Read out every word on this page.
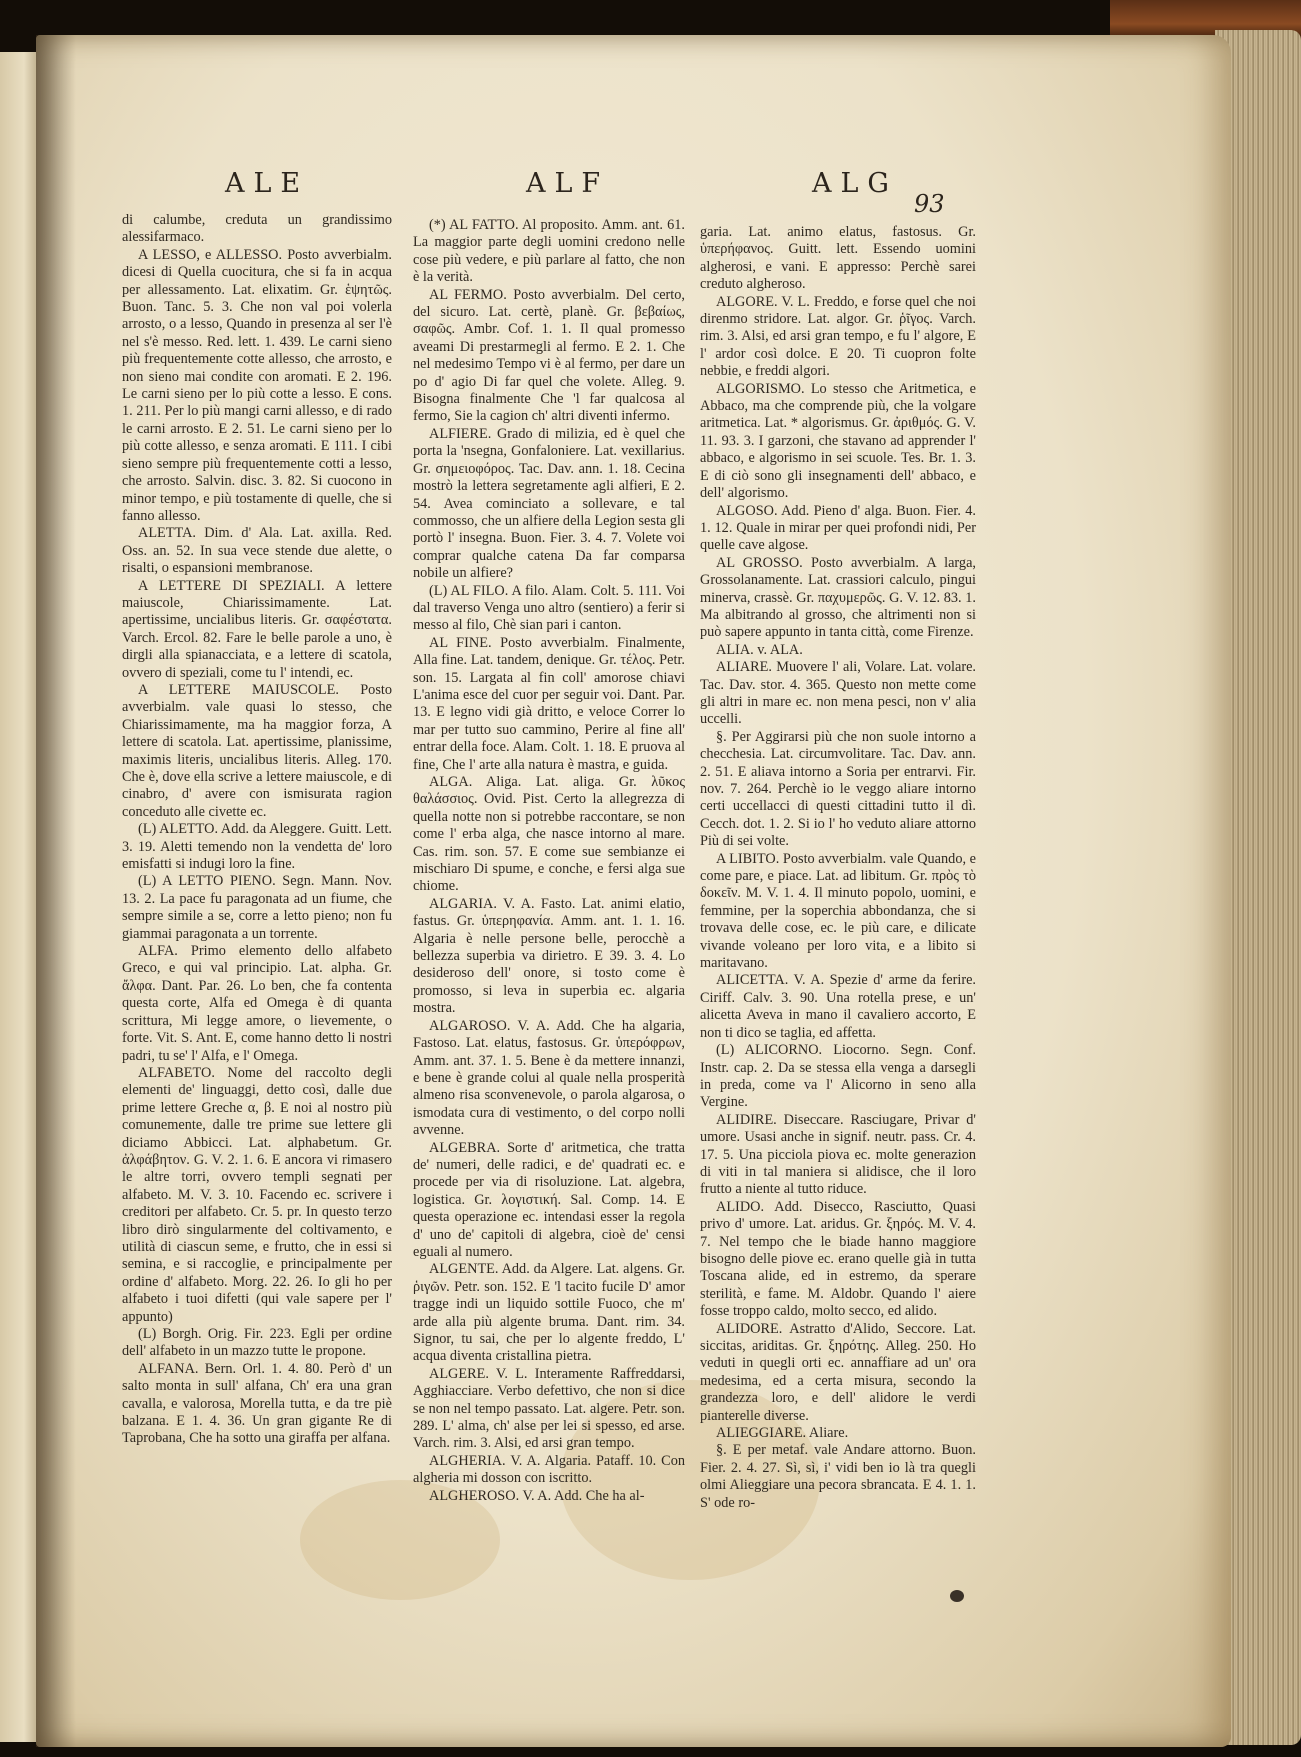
ALE	ALF	ALG
93

di calumbe, creduta un grandissimo alessifarmaco.

A LESSO, e ALLESSO. Posto avverbialm. dicesi di Quella cuocitura, che si fa in acqua per allessamento. Lat. elixatim. Gr. ἑψητῶς. Buon. Tanc. 5. 3. Che non val poi volerla arrosto, o a lesso, Quando in presenza al ser l'è nel s'è messo. Red. lett. 1. 439. Le carni sieno più frequentemente cotte allesso, che arrosto, e non sieno mai condite con aromati. E 2. 196. Le carni sieno per lo più cotte a lesso. E cons. 1. 211. Per lo più mangi carni allesso, e di rado le carni arrosto. E 2. 51. Le carni sieno per lo più cotte allesso, e senza aromati. E 111. I cibi sieno sempre più frequentemente cotti a lesso, che arrosto. Salvin. disc. 3. 82. Si cuocono in minor tempo, e più tostamente di quelle, che si fanno allesso.

ALETTA. Dim. d' Ala. Lat. axilla. Red. Oss. an. 52. In sua vece stende due alette, o risalti, o espansioni membranose.

A LETTERE DI SPEZIALI. A lettere maiuscole, Chiarissimamente. Lat. apertissime, uncialibus literis. Gr. σαφέστατα. Varch. Ercol. 82. Fare le belle parole a uno, è dirgli alla spianacciata, e a lettere di scatola, ovvero di speziali, come tu l' intendi, ec.

A LETTERE MAIUSCOLE. Posto avverbialm. vale quasi lo stesso, che Chiarissimamente, ma ha maggior forza, A lettere di scatola. Lat. apertissime, planissime, maximis literis, uncialibus literis. Alleg. 170. Che è, dove ella scrive a lettere maiuscole, e di cinabro, d' avere con ismisurata ragion conceduto alle civette ec.

(L) ALETTO. Add. da Aleggere. Guitt. Lett. 3. 19. Aletti temendo non la vendetta de' loro emisfatti si indugi loro la fine.

(L) A LETTO PIENO. Segn. Mann. Nov. 13. 2. La pace fu paragonata ad un fiume, che sempre simile a se, corre a letto pieno; non fu giammai paragonata a un torrente.

ALFA. Primo elemento dello alfabeto Greco, e qui val principio. Lat. alpha. Gr. ἄλφα. Dant. Par. 26. Lo ben, che fa contenta questa corte, Alfa ed Omega è di quanta scrittura, Mi legge amore, o lievemente, o forte. Vit. S. Ant. E, come hanno detto li nostri padri, tu se' l' Alfa, e l' Omega.

ALFABETO. Nome del raccolto degli elementi de' linguaggi, detto così, dalle due prime lettere Greche α, β. E noi al nostro più comunemente, dalle tre prime sue lettere gli diciamo Abbicci. Lat. alphabetum. Gr. ἀλφάβητον. G. V. 2. 1. 6. E ancora vi rimasero le altre torri, ovvero templi segnati per alfabeto. M. V. 3. 10. Facendo ec. scrivere i creditori per alfabeto. Cr. 5. pr. In questo terzo libro dirò singularmente del coltivamento, e utilità di ciascun seme, e frutto, che in essi si semina, e si raccoglie, e principalmente per ordine d' alfabeto. Morg. 22. 26. Io gli ho per alfabeto i tuoi difetti (qui vale sapere per l' appunto)

(L) Borgh. Orig. Fir. 223. Egli per ordine dell' alfabeto in un mazzo tutte le propone.

ALFANA. Bern. Orl. 1. 4. 80. Però d' un salto monta in sull' alfana, Ch' era una gran cavalla, e valorosa, Morella tutta, e da tre piè balzana. E 1. 4. 36. Un gran gigante Re di Taprobana, Che ha sotto una giraffa per alfana.

(*) AL FATTO. Al proposito. Amm. ant. 61. La maggior parte degli uomini credono nelle cose più vedere, e più parlare al fatto, che non è la verità.

AL FERMO. Posto avverbialm. Del certo, del sicuro. Lat. certè, planè. Gr. βεβαίως, σαφῶς. Ambr. Cof. 1. 1. Il qual promesso aveami Di prestarmegli al fermo. E 2. 1. Che nel medesimo Tempo vi è al fermo, per dare un po d' agio Di far quel che volete. Alleg. 9. Bisogna finalmente Che 'l far qualcosa al fermo, Sie la cagion ch' altri diventi infermo.

ALFIERE. Grado di milizia, ed è quel che porta la 'nsegna, Gonfaloniere. Lat. vexillarius. Gr. σημειοφόρος. Tac. Dav. ann. 1. 18. Cecina mostrò la lettera segretamente agli alfieri, E 2. 54. Avea cominciato a sollevare, e tal commosso, che un alfiere della Legion sesta gli portò l' insegna. Buon. Fier. 3. 4. 7. Volete voi comprar qualche catena Da far comparsa nobile un alfiere?

(L) AL FILO. A filo. Alam. Colt. 5. 111. Voi dal traverso Venga uno altro (sentiero) a ferir si messo al filo, Chè sian pari i canton.

AL FINE. Posto avverbialm. Finalmente, Alla fine. Lat. tandem, denique. Gr. τέλος. Petr. son. 15. Largata al fin coll' amorose chiavi L'anima esce del cuor per seguir voi. Dant. Par. 13. E legno vidi già dritto, e veloce Correr lo mar per tutto suo cammino, Perire al fine all' entrar della foce. Alam. Colt. 1. 18. E pruova al fine, Che l' arte alla natura è mastra, e guida.

ALGA. Aliga. Lat. aliga. Gr. λῦκος θαλάσσιος. Ovid. Pist. Certo la allegrezza di quella notte non si potrebbe raccontare, se non come l' erba alga, che nasce intorno al mare. Cas. rim. son. 57. E come sue sembianze ei mischiaro Di spume, e conche, e fersi alga sue chiome.

ALGARIA. V. A. Fasto. Lat. animi elatio, fastus. Gr. ὑπερηφανία. Amm. ant. 1. 1. 16. Algaria è nelle persone belle, perocchè a bellezza superbia va dirietro. E 39. 3. 4. Lo desideroso dell' onore, si tosto come è promosso, si leva in superbia ec. algaria mostra.

ALGAROSO. V. A. Add. Che ha algaria, Fastoso. Lat. elatus, fastosus. Gr. ὑπερόφρων, Amm. ant. 37. 1. 5. Bene è da mettere innanzi, e bene è grande colui al quale nella prosperità almeno risa sconvenevole, o parola algarosa, o ismodata cura di vestimento, o del corpo nolli avvenne.

ALGEBRA. Sorte d' aritmetica, che tratta de' numeri, delle radici, e de' quadrati ec. e procede per via di risoluzione. Lat. algebra, logistica. Gr. λογιστική. Sal. Comp. 14. E questa operazione ec. intendasi esser la regola d' uno de' capitoli di algebra, cioè de' censi eguali al numero.

ALGENTE. Add. da Algere. Lat. algens. Gr. ῥιγῶν. Petr. son. 152. E 'l tacito fucile D' amor tragge indi un liquido sottile Fuoco, che m' arde alla più algente bruma. Dant. rim. 34. Signor, tu sai, che per lo algente freddo, L' acqua diventa cristallina pietra.

ALGERE. V. L. Interamente Raffreddarsi, Agghiacciare. Verbo defettivo, che non si dice se non nel tempo passato. Lat. algere. Petr. son. 289. L' alma, ch' alse per lei si spesso, ed arse. Varch. rim. 3. Alsi, ed arsi gran tempo.

ALGHERIA. V. A. Algaria. Pataff. 10. Con algheria mi dosson con iscritto.

ALGHEROSO. V. A. Add. Che ha al-

garia. Lat. animo elatus, fastosus. Gr. ὑπερήφανος. Guitt. lett. Essendo uomini algherosi, e vani. E appresso: Perchè sarei creduto algheroso.

ALGORE. V. L. Freddo, e forse quel che noi direnmo stridore. Lat. algor. Gr. ῥῖγος. Varch. rim. 3. Alsi, ed arsi gran tempo, e fu l' algore, E l' ardor così dolce. E 20. Ti cuopron folte nebbie, e freddi algori.

ALGORISMO. Lo stesso che Aritmetica, e Abbaco, ma che comprende più, che la volgare aritmetica. Lat. * algorismus. Gr. ἀριθμός. G. V. 11. 93. 3. I garzoni, che stavano ad apprender l' abbaco, e algorismo in sei scuole. Tes. Br. 1. 3. E di ciò sono gli insegnamenti dell' abbaco, e dell' algorismo.

ALGOSO. Add. Pieno d' alga. Buon. Fier. 4. 1. 12. Quale in mirar per quei profondi nidi, Per quelle cave algose.

AL GROSSO. Posto avverbialm. A larga, Grossolanamente. Lat. crassiori calculo, pingui minerva, crassè. Gr. παχυμερῶς. G. V. 12. 83. 1. Ma albitrando al grosso, che altrimenti non si può sapere appunto in tanta città, come Firenze.

ALIA. v. ALA.

ALIARE. Muovere l' ali, Volare. Lat. volare. Tac. Dav. stor. 4. 365. Questo non mette come gli altri in mare ec. non mena pesci, non v' alia uccelli.

§. Per Aggirarsi più che non suole intorno a checchesia. Lat. circumvolitare. Tac. Dav. ann. 2. 51. E aliava intorno a Soria per entrarvi. Fir. nov. 7. 264. Perchè io le veggo aliare intorno certi uccellacci di questi cittadini tutto il dì. Cecch. dot. 1. 2. Si io l' ho veduto aliare attorno Più di sei volte.

A LIBITO. Posto avverbialm. vale Quando, e come pare, e piace. Lat. ad libitum. Gr. πρὸς τὸ δοκεῖν. M. V. 1. 4. Il minuto popolo, uomini, e femmine, per la soperchia abbondanza, che si trovava delle cose, ec. le più care, e dilicate vivande voleano per loro vita, e a libito si maritavano.

ALICETTA. V. A. Spezie d' arme da ferire. Ciriff. Calv. 3. 90. Una rotella prese, e un' alicetta Aveva in mano il cavaliero accorto, E non ti dico se taglia, ed affetta.

(L) ALICORNO. Liocorno. Segn. Conf. Instr. cap. 2. Da se stessa ella venga a darsegli in preda, come va l' Alicorno in seno alla Vergine.

ALIDIRE. Diseccare. Rasciugare, Privar d' umore. Usasi anche in signif. neutr. pass. Cr. 4. 17. 5. Una picciola piova ec. molte generazion di viti in tal maniera si alidisce, che il loro frutto a niente al tutto riduce.

ALIDO. Add. Disecco, Rasciutto, Quasi privo d' umore. Lat. aridus. Gr. ξηρός. M. V. 4. 7. Nel tempo che le biade hanno maggiore bisogno delle piove ec. erano quelle già in tutta Toscana alide, ed in estremo, da sperare sterilità, e fame. M. Aldobr. Quando l' aiere fosse troppo caldo, molto secco, ed alido.

ALIDORE. Astratto d'Alido, Seccore. Lat. siccitas, ariditas. Gr. ξηρότης. Alleg. 250. Ho veduti in quegli orti ec. annaffiare ad un' ora medesima, ed a certa misura, secondo la grandezza loro, e dell' alidore le verdi pianterelle diverse.

ALIEGGIARE. Aliare.

§. E per metaf. vale Andare attorno. Buon. Fier. 2. 4. 27. Sì, sì, i' vidi ben io là tra quegli olmi Alieggiare una pecora sbrancata. E 4. 1. 1. S' ode ro-
